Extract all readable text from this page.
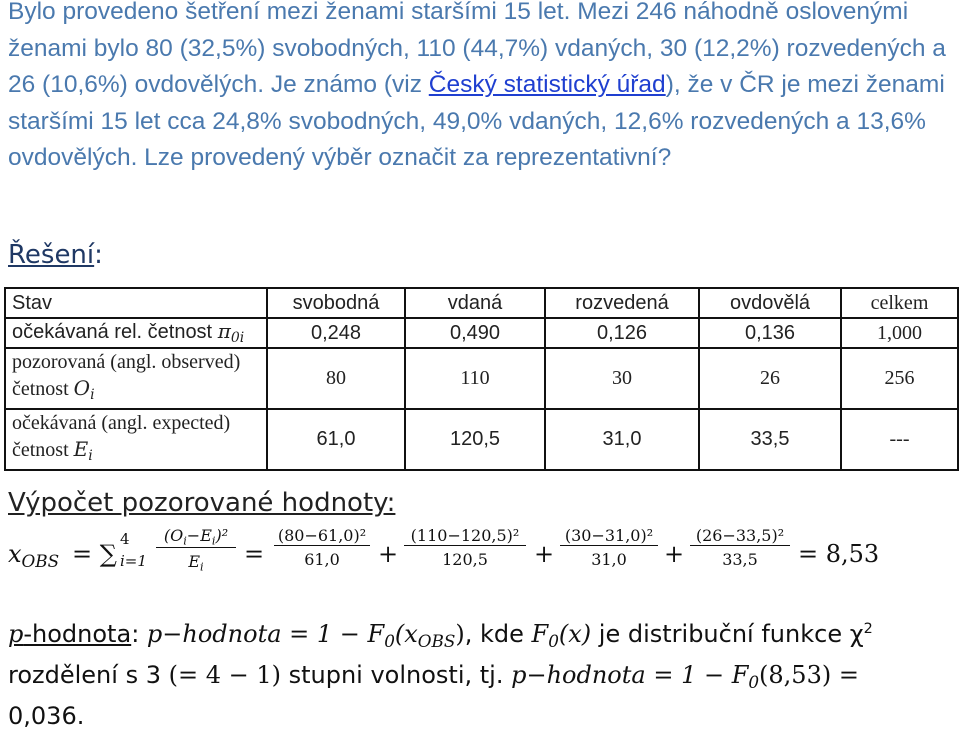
Bylo provedeno šetření mezi ženami staršími 15 let. Mezi 246 náhodně oslovenými ženami bylo 80 (32,5%) svobodných, 110 (44,7%) vdaných, 30 (12,2%) rozvedených a 26 (10,6%) ovdovělých. Je známo (viz Český statistický úřad), že v ČR je mezi ženami staršími 15 let cca 24,8% svobodných, 49,0% vdaných, 12,6% rozvedených a 13,6% ovdovělých. Lze provedený výběr označit za reprezentativní?
Řešení:
Stav	svobodná	vdaná	rozvedená	ovdovělá	celkem
očekávaná rel. četnost $\pi_{0i}$	0,248	0,490	0,126	0,136	1,000

pozorovaná (angl. observed)
četnost $O_i$	80	110	30	26	256

očekávaná (angl. expected)
četnost $E_i$	61,0	120,5	31,0	33,5	---
Výpočet pozorované hodnoty:
$x_{OBS}$ = ∑
4
$i=1 \frac{(O_i-E_i)^2}{E_i} = \frac{\text{(80−61,0)²}}{61,0} + \frac{\text{(110−120,5)²}}{120,5} + \frac{\text{(30−31,0)²}}{31,0} + \frac{\text{(26−33,5)²}}{33,5} = 8,53$
p-hodnota: p−hodnota = $1 - F_0(x_{OBS})$, kde $F_0(x)$ je distribuční funkce $\chi^2$
rozdělení s 3 (= 4 − 1) stupni volnosti, tj. p−hodnota = $1 - F_0(8,53)$ =
0,036.
